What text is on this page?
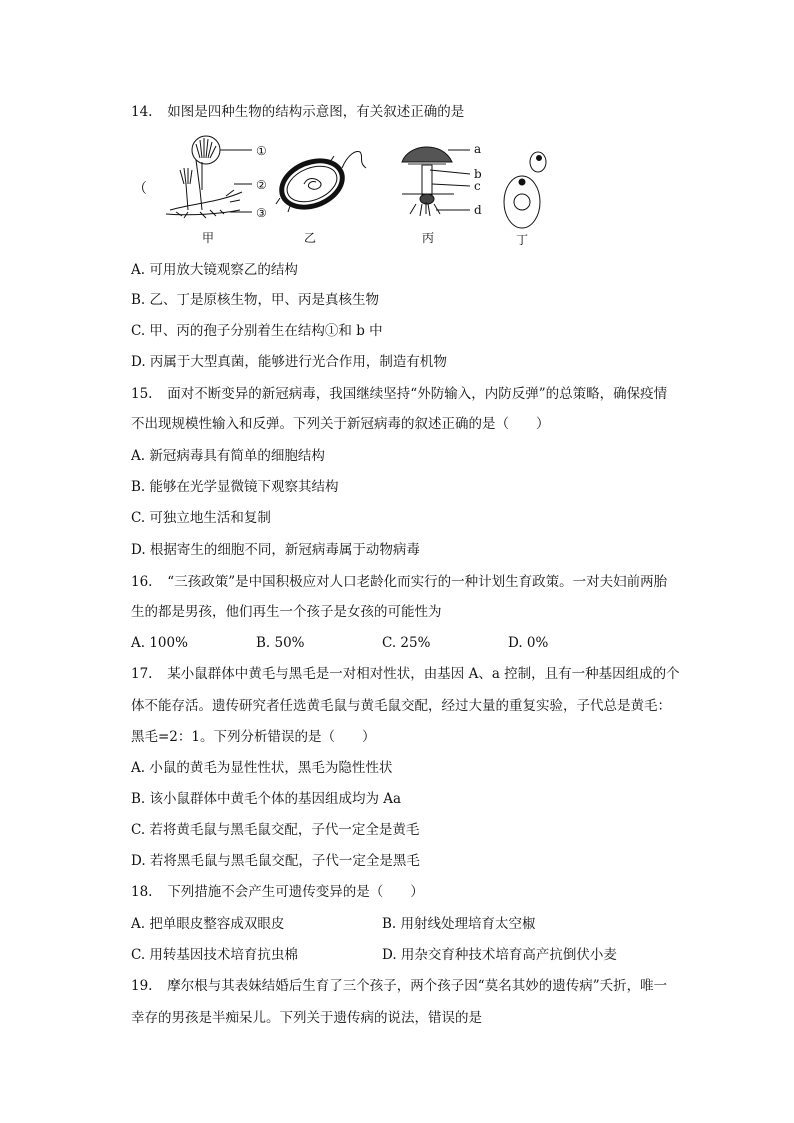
14. 如图是四种生物的结构示意图，有关叙述正确的是
（
①
②
③
甲	乙
a
b
c
d
丙	丁
A. 可用放大镜观察乙的结构
B. 乙、丁是原核生物，甲、丙是真核生物
C. 甲、丙的孢子分别着生在结构①和 b 中
D. 丙属于大型真菌，能够进行光合作用，制造有机物
15. 面对不断变异的新冠病毒，我国继续坚持“外防输入，内防反弹”的总策略，确保疫情
不出现规模性输入和反弹。下列关于新冠病毒的叙述正确的是（　　）
A. 新冠病毒具有简单的细胞结构
B. 能够在光学显微镜下观察其结构
C. 可独立地生活和复制
D. 根据寄生的细胞不同，新冠病毒属于动物病毒
16. “三孩政策”是中国积极应对人口老龄化而实行的一种计划生育政策。一对夫妇前两胎
生的都是男孩，他们再生一个孩子是女孩的可能性为
A. 100%	B. 50%	C. 25%	D. 0%
17. 某小鼠群体中黄毛与黑毛是一对相对性状，由基因 A、a 控制，且有一种基因组成的个
体不能存活。遗传研究者任选黄毛鼠与黄毛鼠交配，经过大量的重复实验，子代总是黄毛：
黑毛=2：1。下列分析错误的是（　　）
A. 小鼠的黄毛为显性性状，黑毛为隐性性状
B. 该小鼠群体中黄毛个体的基因组成均为 Aa
C. 若将黄毛鼠与黑毛鼠交配，子代一定全是黄毛
D. 若将黑毛鼠与黑毛鼠交配，子代一定全是黑毛
18. 下列措施不会产生可遗传变异的是（　　）
A. 把单眼皮整容成双眼皮	B. 用射线处理培育太空椒
C. 用转基因技术培育抗虫棉	D. 用杂交育种技术培育高产抗倒伏小麦
19. 摩尔根与其表妹结婚后生育了三个孩子，两个孩子因“莫名其妙的遗传病”夭折，唯一
幸存的男孩是半痴呆儿。下列关于遗传病的说法，错误的是
